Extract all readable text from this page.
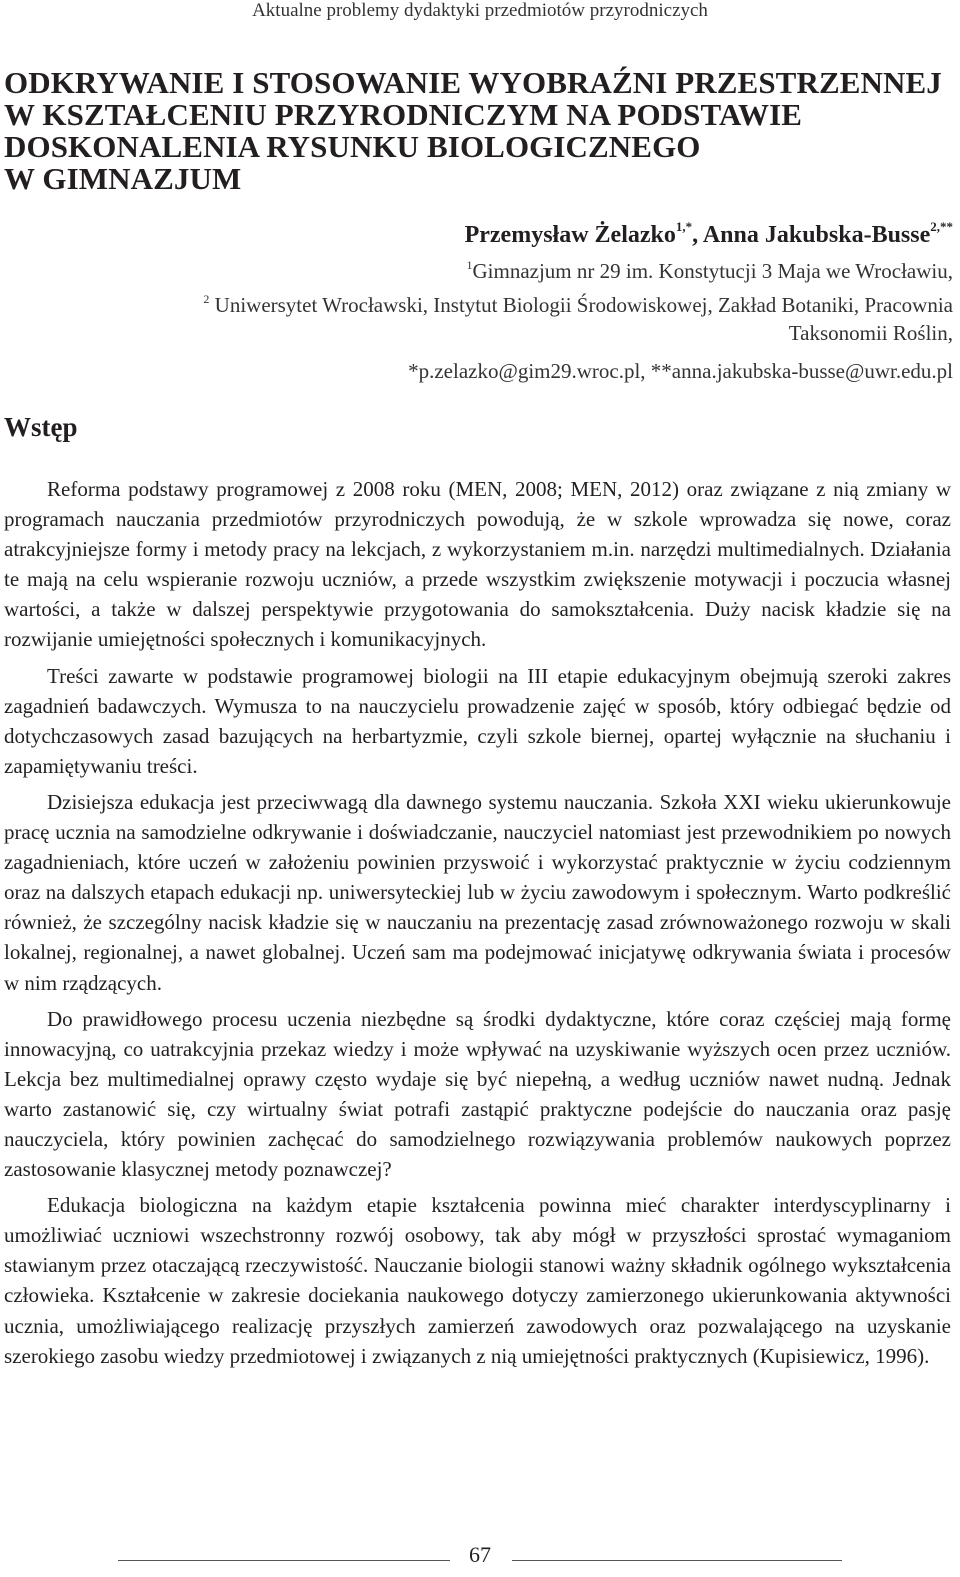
Aktualne problemy dydaktyki przedmiotów przyrodniczych
ODKRYWANIE I STOSOWANIE WYOBRAŹNI PRZESTRZENNEJ
W KSZTAŁCENIU PRZYRODNICZYM NA PODSTAWIE
DOSKONALENIA RYSUNKU BIOLOGICZNEGO
W GIMNAZJUM

Przemysław Żelazko$^{1,*}$, Anna Jakubska-Busse$^{2,**}$

$^1$Gimnazjum nr 29 im. Konstytucji 3 Maja we Wrocławiu,
$^2$ Uniwersytet Wrocławski, Instytut Biologii Środowiskowej, Zakład Botaniki, Pracownia
Taksonomii Roślin,
*p.zelazko@gim29.wroc.pl, **anna.jakubska-busse@uwr.edu.pl
Wstęp

Reforma podstawy programowej z 2008 roku (MEN, 2008; MEN, 2012) oraz związane z nią zmiany w programach nauczania przedmiotów przyrodniczych powodują, że w szkole wprowadza się nowe, coraz atrakcyjniejsze formy i metody pracy na lekcjach, z wykorzystaniem m.in. narzędzi multimedialnych. Działania te mają na celu wspieranie rozwoju uczniów, a przede wszystkim zwiększenie motywacji i poczucia własnej wartości, a także w dalszej perspektywie przygotowania do samokształcenia. Duży nacisk kładzie się na rozwijanie umiejętności społecznych i komunikacyjnych.

Treści zawarte w podstawie programowej biologii na III etapie edukacyjnym obejmują szeroki zakres zagadnień badawczych. Wymusza to na nauczycielu prowadzenie zajęć w sposób, który odbiegać będzie od dotychczasowych zasad bazujących na herbartyzmie, czyli szkole biernej, opartej wyłącznie na słuchaniu i zapamiętywaniu treści.

Dzisiejsza edukacja jest przeciwwagą dla dawnego systemu nauczania. Szkoła XXI wieku ukierunkowuje pracę ucznia na samodzielne odkrywanie i doświadczanie, nauczyciel natomiast jest przewodnikiem po nowych zagadnieniach, które uczeń w założeniu powinien przyswoić i wykorzystać praktycznie w życiu codziennym oraz na dalszych etapach edukacji np. uniwersyteckiej lub w życiu zawodowym i społecznym. Warto podkreślić również, że szczególny nacisk kładzie się w nauczaniu na prezentację zasad zrównoważonego rozwoju w skali lokalnej, regionalnej, a nawet globalnej. Uczeń sam ma podejmować inicjatywę odkrywania świata i procesów w nim rządzących.

Do prawidłowego procesu uczenia niezbędne są środki dydaktyczne, które coraz częściej mają formę innowacyjną, co uatrakcyjnia przekaz wiedzy i może wpływać na uzyskiwanie wyższych ocen przez uczniów. Lekcja bez multimedialnej oprawy często wydaje się być niepełną, a według uczniów nawet nudną. Jednak warto zastanowić się, czy wirtualny świat potrafi zastąpić praktyczne podejście do nauczania oraz pasję nauczyciela, który powinien zachęcać do samodzielnego rozwiązywania problemów naukowych poprzez zastosowanie klasycznej metody poznawczej?

Edukacja biologiczna na każdym etapie kształcenia powinna mieć charakter interdyscyplinarny i umożliwiać uczniowi wszechstronny rozwój osobowy, tak aby mógł w przyszłości sprostać wymaganiom stawianym przez otaczającą rzeczywistość. Nauczanie biologii stanowi ważny składnik ogólnego wykształcenia człowieka. Kształcenie w zakresie dociekania naukowego dotyczy zamierzonego ukierunkowania aktywności ucznia, umożliwiającego realizację przyszłych zamierzeń zawodowych oraz pozwalającego na uzyskanie szerokiego zasobu wiedzy przedmiotowej i związanych z nią umiejętności praktycznych (Kupisiewicz, 1996).

67
